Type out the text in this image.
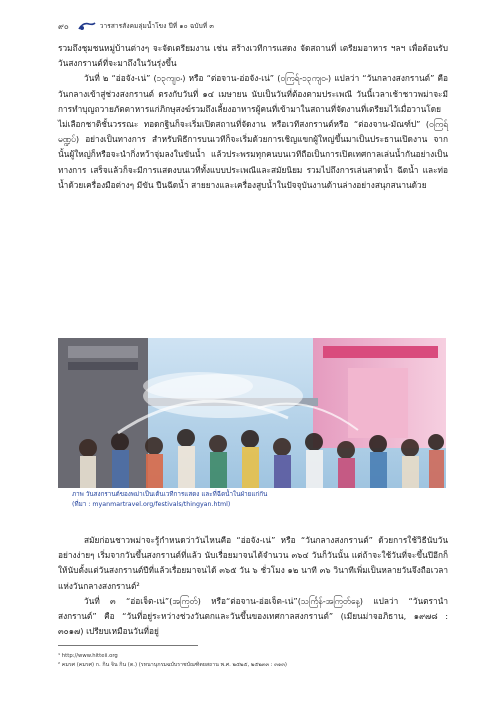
๙๐	วารสารสังคมลุ่มน้ำโขง ปีที่ ๑๐ ฉบับที่ ๓

รวมถึงชุมชนหมู่บ้านต่างๆ จะจัดเตรียมงาน เช่น สร้างเวทีการแสดง จัดสถานที่ เตรียมอาหาร ฯลฯ เพื่อต้อนรับวันสงกรานต์ที่จะมาถึงในวันรุ่งขึ้น

วันที่ ๒ “อ่อจัง-เน่” (၁၃ကျ၀ႋ) หรือ “ต่อจาน-อ่อจัง-เน่” (ဝကြရ်-၁၃ကျ၀ႋ) แปลว่า “วันกลางสงกรานต์” คือ วันกลางเข้าสู่ช่วงสงกรานต์ ตรงกับวันที่ ๑๔ เมษายน นับเป็นวันที่ต้องตามประเพณี วันนี้เวลาเช้าชาวพม่าจะมีการทำบุญถวายภัตตาหารแก่ภิกษุสงฆ์รวมถึงเลี้ยงอาหารผู้คนที่เข้ามาในสถานที่จัดงานที่เตรียมไว้เมื่อวานโดยไม่เลือกชาติชั้นวรรณะ ทอดกฐินก็จะเริ่มเปิดสถานที่จัดงาน หรือเวทีสงกรานต์หรือ “ต่องจาน-มัณฑ์ป” (ဝကြရ်မဏ္ဍပ်) อย่างเป็นทางการ สำหรับพิธีการบนเวทีก็จะเริ่มด้วยการเชิญแขกผู้ใหญ่ขึ้นมาเป็นประธานเปิดงาน จากนั้นผู้ใหญ่ก็หรือจะนำกิ่งหว้าจุ่มลงในขันน้ำ แล้วประพรมทุกคนบนเวทีถือเป็นการเปิดเทศกาลเล่นน้ำกันอย่างเป็นทางการ เสร็จแล้วก็จะมีการแสดงบนเวทีทั้งแบบประเพณีและสมัยนิยม รวมไปถึงการเล่นสาดน้ำ ฉีดน้ำ และท่อน้ำด้วยเครื่องมือต่างๆ มีขัน ปืนฉีดน้ำ สายยางและเครื่องสูบน้ำในปัจจุบันงานด้านล่างอย่างสนุกสนานด้วย

ภาพ วันสงกรานต์ของพม่าเป็นเต้นเวทีการแสดง และที่ฉีดน้ำในฝ่ายแก่กัน
(ที่มา : myanmartravel.org/festivals/thingyan.html)

สมัยก่อนชาวพม่าจะรู้กำหนดว่าวันไหนคือ “อ่อจัง-เน่” หรือ “วันกลางสงกรานต์” ด้วยการใช้วิธีนับวันอย่างง่ายๆ เริ่มจากวันขึ้นสงกรานต์ที่แล้ว นับเรื่อยมาจนได้จำนวน ๓๖๔ วันก็วันนั้น แต่ถ้าจะใช้วันที่จะขึ้นปีอีกก็ให้นับตั้งแต่วันสงกรานต์ปีที่แล้วเรื่อยมาจนได้ ๓๖๕ วัน ๖ ชั่วโมง ๑๒ นาที ๓๖ วินาทีเพิ่มเป็นหลายวันจึงถือเวลาแห่งวันกลางสงกรานต์²

วันที่ ๓ “อ่อเจ็ต-เน่”(အကြတ်) หรือ“ต่อจาน-อ่อเจ็ต-เน่”(သင်္ကြန်-အကြတ်နေ့) แปลว่า “วันตรานำสงกรานต์” คือ “วันที่อยู่ระหว่างช่วงวันตกและวันขึ้นของเทศกาลสงกรานต์” (เมียนม่าจอภิธาน, ๑๙๗๘ : ๓๐๑๗) เปรียบเหมือนวันที่อยู่

¹ http://www.hitteii.org
² คมรศ (คมรศ) ก. กิน จิน กิน (ต.) (รหนานุกรมฉบับราชบัณฑิตยสถาน พ.ศ. ๒๕๒๕, ๒๕๒๓๓ : ๓๑๓)
